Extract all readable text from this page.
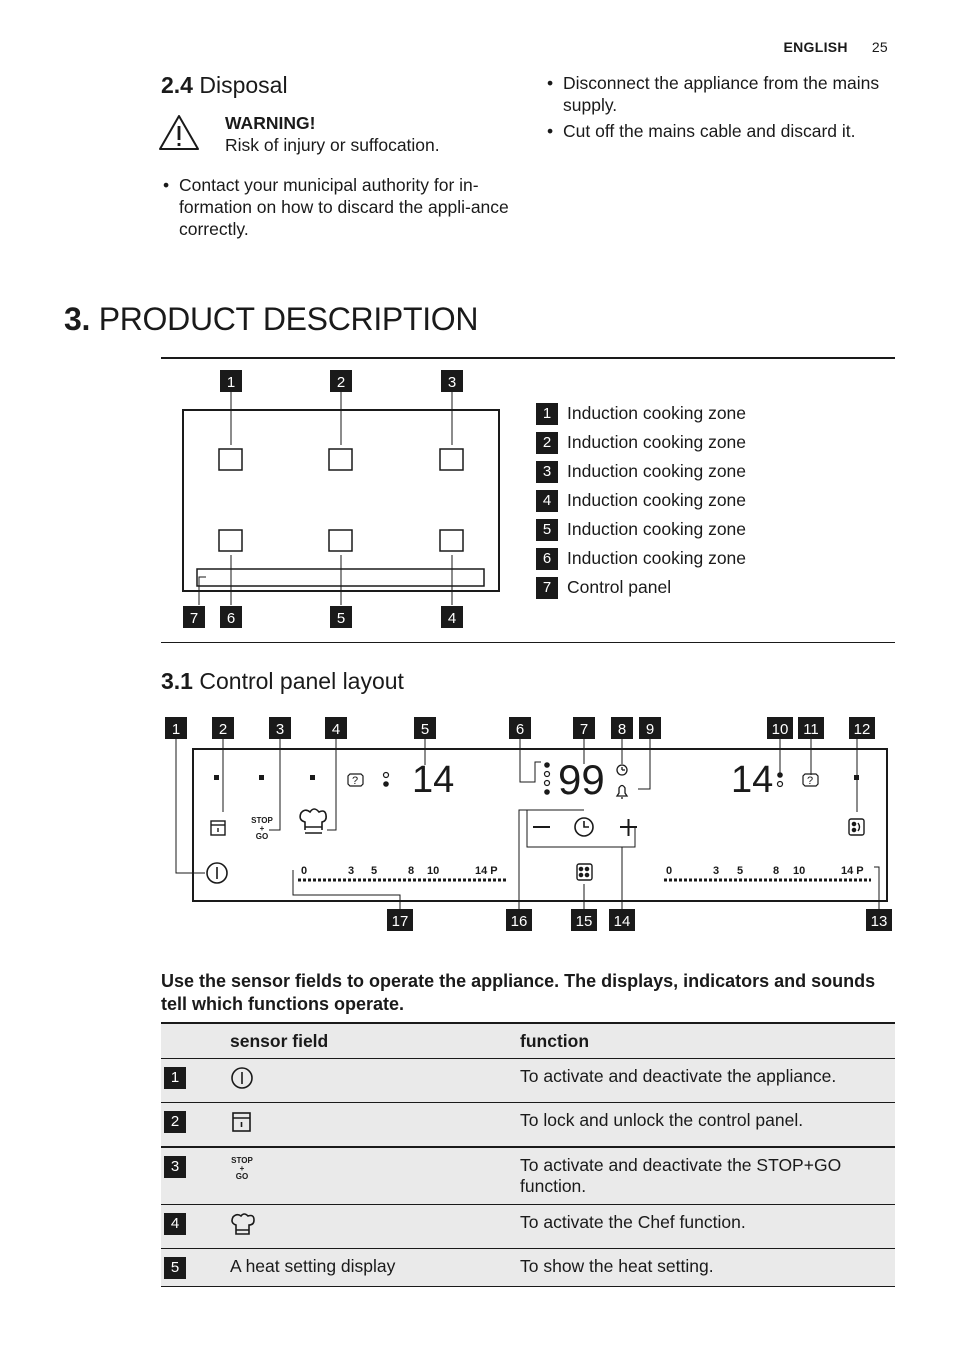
ENGLISH 25
2.4 Disposal
WARNING!
Risk of injury or suffocation.
• Contact your municipal authority for in-formation on how to discard the appli-ance correctly.
• Disconnect the appliance from the mains supply.
• Cut off the mains cable and discard it.
3. PRODUCT DESCRIPTION
1	2	3
7 6	5	4
1 Induction cooking zone
2 Induction cooking zone
3 Induction cooking zone
4 Induction cooking zone
5 Induction cooking zone
6 Induction cooking zone
7 Control panel
3.1 Control panel layout
1	2	3	4	5	6	7 8 9	10 11 12
17	16	15 14	13
? 14 99	14	?
STOP
+
GO
0	3 5	8 10	14 P	0	3 5	8 10	14 P
Use the sensor fields to operate the appliance. The displays, indicators and sounds tell which functions operate.
	sensor field	function
1		To activate and deactivate the appliance.
2		To lock and unlock the control panel.
3	STOP
+
GO	To activate and deactivate the STOP+GO function.
4		To activate the Chef function.
5	A heat setting display	To show the heat setting.
